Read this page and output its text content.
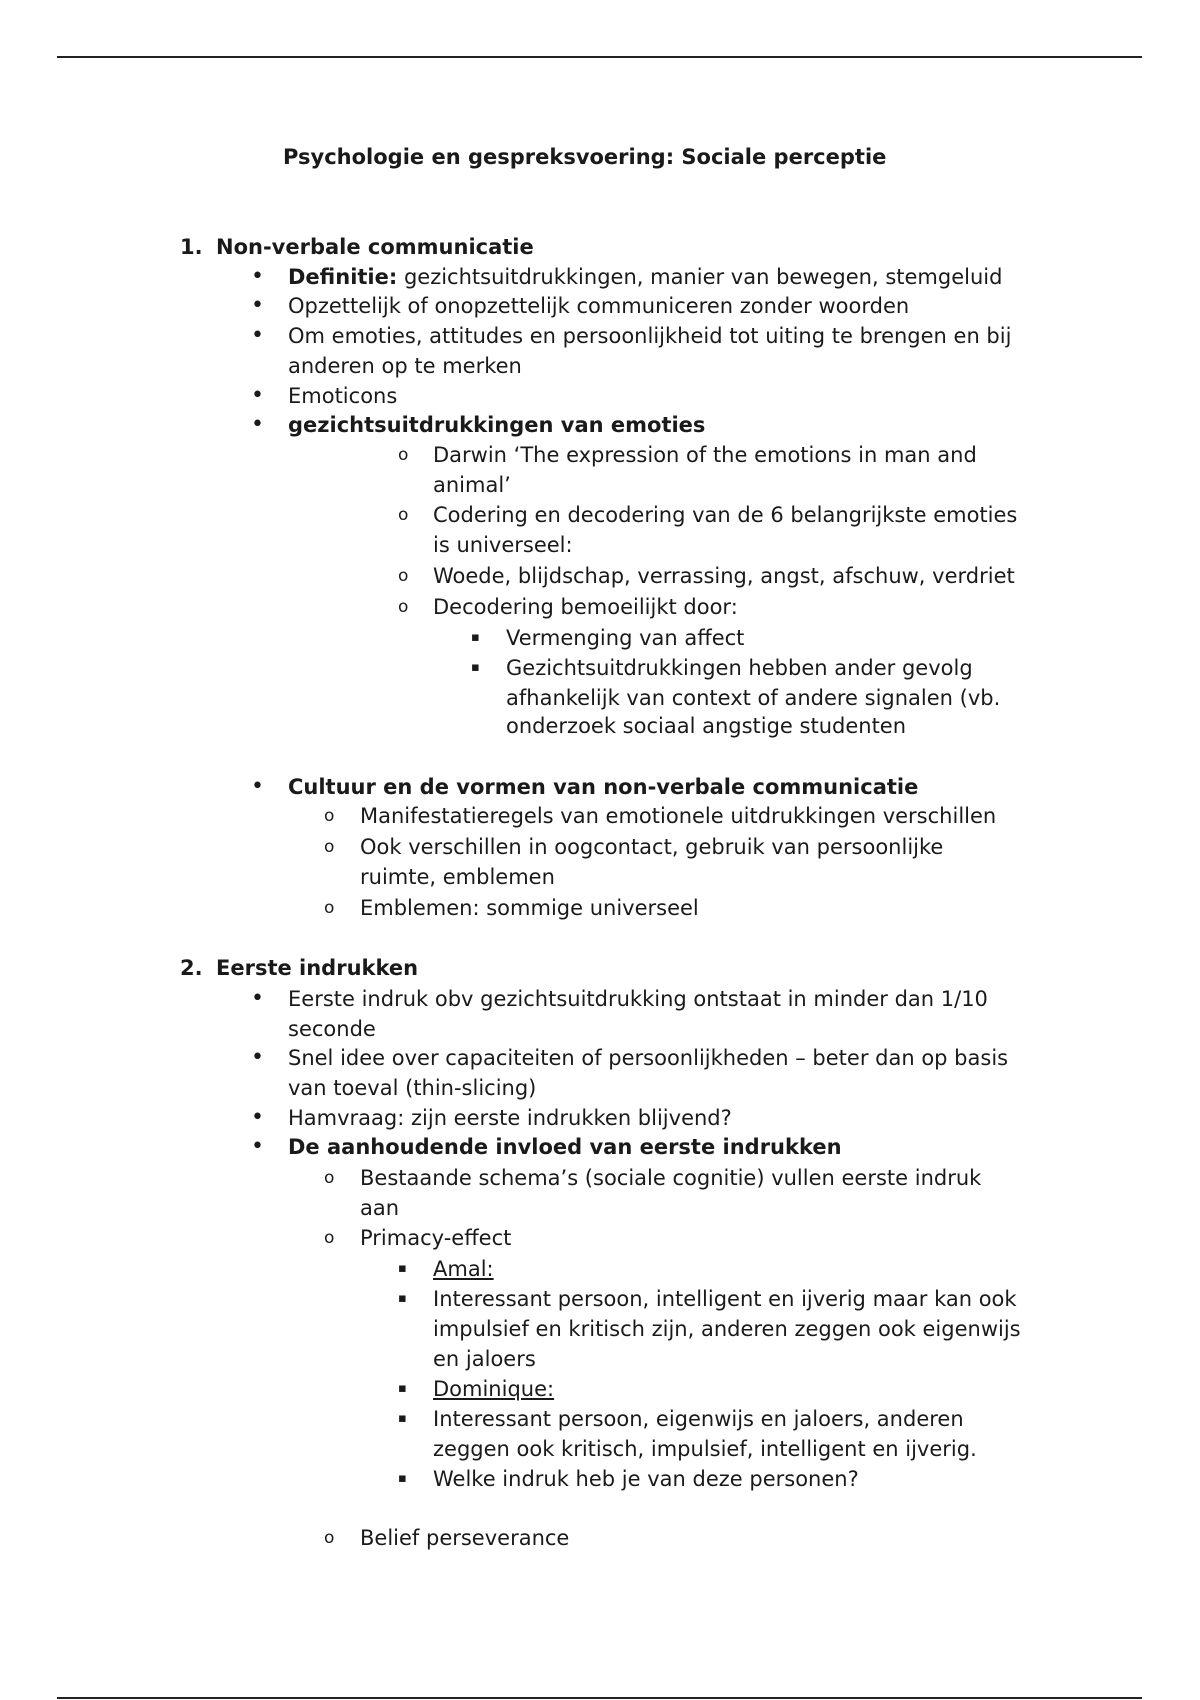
Psychologie en gespreksvoering: Sociale perceptie
1. Non-verbale communicatie
• Definitie: gezichtsuitdrukkingen, manier van bewegen, stemgeluid
• Opzettelijk of onopzettelijk communiceren zonder woorden
• Om emoties, attitudes en persoonlijkheid tot uiting te brengen en bij
anderen op te merken
• Emoticons
• gezichtsuitdrukkingen van emoties
o Darwin ‘The expression of the emotions in man and
animal’
o Codering en decodering van de 6 belangrijkste emoties
is universeel:
o Woede, blijdschap, verrassing, angst, afschuw, verdriet
o Decodering bemoeilijkt door:
▪ Vermenging van affect
▪ Gezichtsuitdrukkingen hebben ander gevolg
afhankelijk van context of andere signalen (vb.
onderzoek sociaal angstige studenten
• Cultuur en de vormen van non-verbale communicatie
o Manifestatieregels van emotionele uitdrukkingen verschillen
o Ook verschillen in oogcontact, gebruik van persoonlijke
ruimte, emblemen
o Emblemen: sommige universeel
2. Eerste indrukken
• Eerste indruk obv gezichtsuitdrukking ontstaat in minder dan 1/10
seconde
• Snel idee over capaciteiten of persoonlijkheden – beter dan op basis
van toeval (thin-slicing)
• Hamvraag: zijn eerste indrukken blijvend?
• De aanhoudende invloed van eerste indrukken
o Bestaande schema’s (sociale cognitie) vullen eerste indruk
aan
o Primacy-effect
▪ Amal:
▪ Interessant persoon, intelligent en ijverig maar kan ook
impulsief en kritisch zijn, anderen zeggen ook eigenwijs
en jaloers
▪ Dominique:
▪ Interessant persoon, eigenwijs en jaloers, anderen
zeggen ook kritisch, impulsief, intelligent en ijverig.
▪ Welke indruk heb je van deze personen?
o Belief perseverance
